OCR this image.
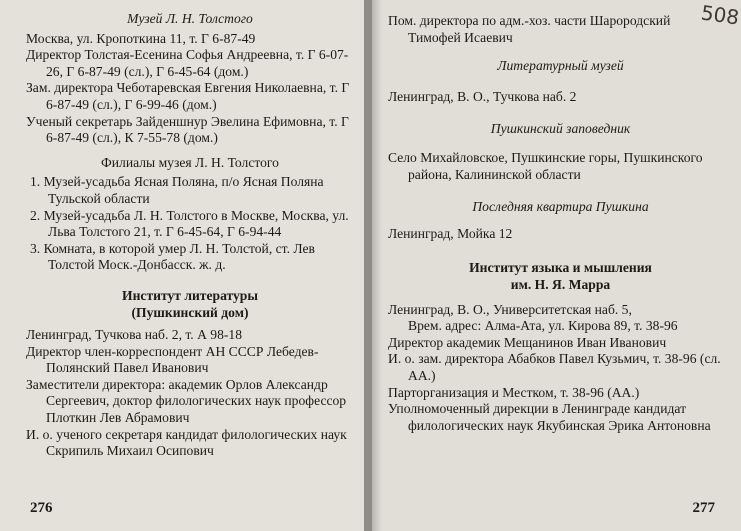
Музей Л. Н. Толстого

Москва, ул. Кропоткина 11, т. Г 6-87-49

Директор Толстая-Есенина Софья Андреевна, т. Г 6-07-26, Г 6-87-49 (сл.), Г 6-45-64 (дом.)

Зам. директора Чеботаревская Евгения Николаевна, т. Г 6-87-49 (сл.), Г 6-99-46 (дом.)

Ученый секретарь Зайденшнур Эвелина Ефимовна, т. Г 6-87-49 (сл.), К 7-55-78 (дом.)

Филиалы музея Л. Н. Толстого

1. Музей-усадьба Ясная Поляна, п/о Ясная Поляна Тульской области

2. Музей-усадьба Л. Н. Толстого в Москве, Москва, ул. Льва Толстого 21, т. Г 6-45-64, Г 6-94-44

3. Комната, в которой умер Л. Н. Толстой, ст. Лев Толстой Моск.-Донбасск. ж. д.

Институт литературы

(Пушкинский дом)

Ленинград, Тучкова наб. 2, т. А 98-18

Директор член-корреспондент АН СССР Лебедев-Полянский Павел Иванович

Заместители директора: академик Орлов Александр Сергеевич, доктор филологических наук профессор Плоткин Лев Абрамович

И. о. ученого секретаря кандидат филологических наук Скрипиль Михаил Осипович

276
508

Пом. директора по адм.-хоз. части Шарородский Тимофей Исаевич

Литературный музей

Ленинград, В. О., Тучкова наб. 2

Пушкинский заповедник

Село Михайловское, Пушкинские горы, Пушкинского района, Калининской области

Последняя квартира Пушкина

Ленинград, Мойка 12

Институт языка и мышления

им. Н. Я. Марра

Ленинград, В. О., Университетская наб. 5,

Врем. адрес: Алма-Ата, ул. Кирова 89, т. 38-96

Директор академик Мещанинов Иван Иванович

И. о. зам. директора Абабков Павел Кузьмич, т. 38-96 (сл. АА.)

Парторганизация и Местком, т. 38-96 (АА.)

Уполномоченный дирекции в Ленинграде кандидат филологических наук Якубинская Эрика Антоновна

277
